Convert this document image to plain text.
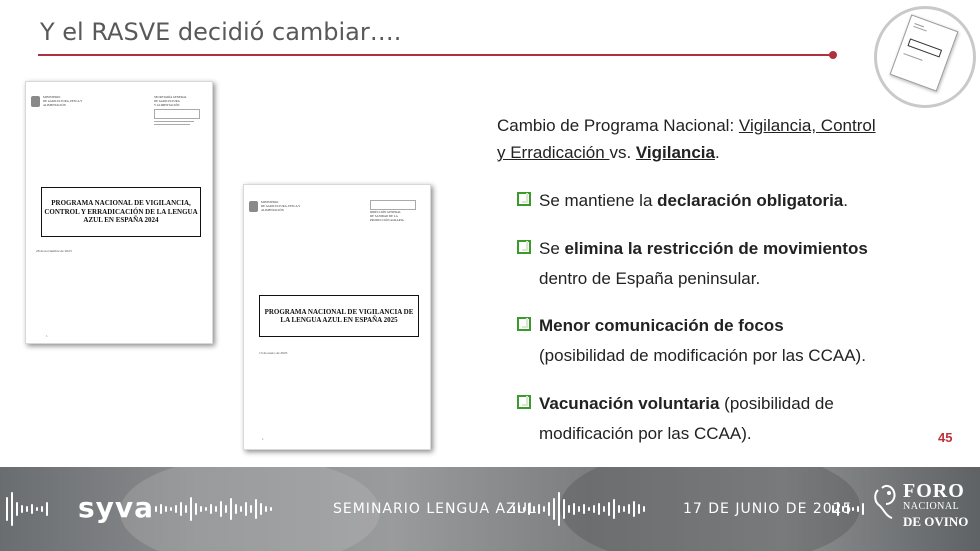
Y el RASVE decidió cambiar….
MINISTERIO
DE AGRICULTURA, PESCA Y
ALIMENTACIÓN
SECRETARÍA GENERAL
DE AGRICULTURA
Y ALIMENTACIÓN
PROGRAMA NACIONAL DE VIGILANCIA, CONTROL Y ERRADICACIÓN DE LA LENGUA AZUL EN ESPAÑA 2024
28 de noviembre de 2023
1
MINISTERIO
DE AGRICULTURA, PESCA Y
ALIMENTACIÓN	DIRECCIÓN GENERAL
DE SANIDAD DE LA
PRODUCCIÓN AGRARIA
PROGRAMA NACIONAL DE VIGILANCIA DE LA LENGUA AZUL EN ESPAÑA 2025
13 de enero de 2025
1
Cambio de Programa Nacional: Vigilancia, Control
y Erradicación vs. Vigilancia.
Se mantiene la declaración obligatoria.
Se elimina la restricción de movimientos
dentro de España peninsular.
Menor comunicación de focos
(posibilidad de modificación por las CCAA).
Vacunación voluntaria (posibilidad de
modificación por las CCAA).	45
syva	SEMINARIO LENGUA AZUL	17 DE JUNIO DE 2025
FORO
NACIONAL
DE OVINO
